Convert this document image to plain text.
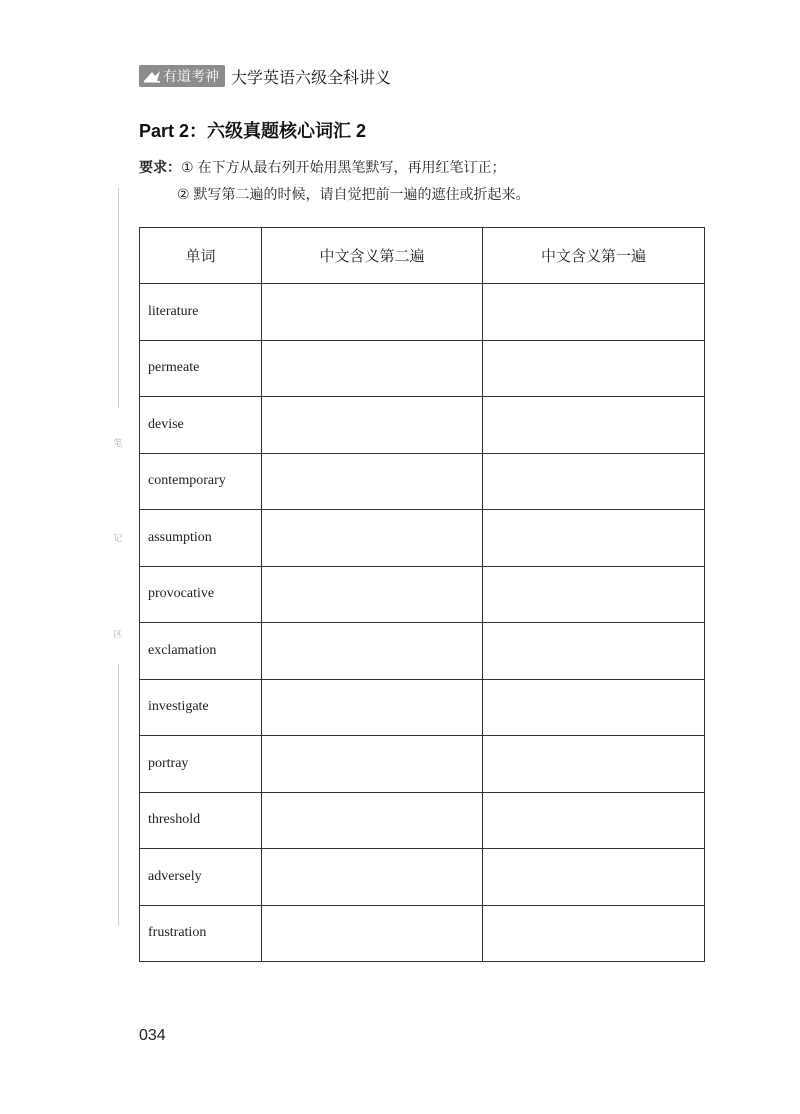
有道考神 大学英语六级全科讲义
Part 2：六级真题核心词汇 2
要求：① 在下方从最右列开始用黑笔默写，再用红笔订正；
② 默写第二遍的时候，请自觉把前一遍的遮住或折起来。
笔
记
区
单词	中文含义第二遍	中文含义第一遍
literature		
permeate		
devise		
contemporary		
assumption		
provocative		
exclamation		
investigate		
portray		
threshold		
adversely		
frustration		
034
